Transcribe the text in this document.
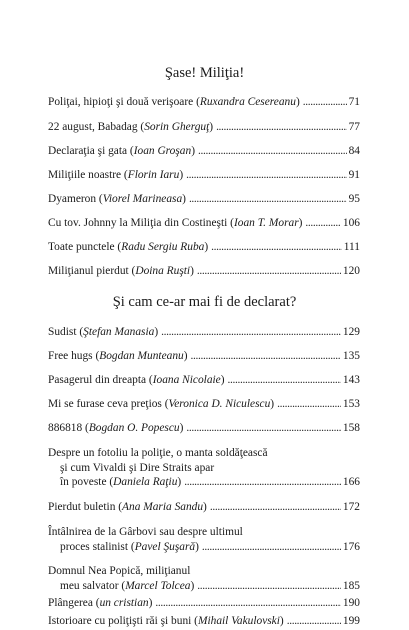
Şase! Miliţia!
Poliţai, hipioţi şi două verişoare (Ruxandra Cesereanu) . . .	71
22 august, Babadag (Sorin Gherguţ) . . .	77
Declaraţia şi gata (Ioan Groşan) . . .	84
Miliţiile noastre (Florin Iaru) . . .	91
Dyameron (Viorel Marineasa) . . .	95
Cu tov. Johnny la Miliţia din Costineşti (Ioan T. Morar) . . .	106
Toate punctele (Radu Sergiu Ruba) . . .	111
Miliţianul pierdut (Doina Ruşti) . . .	120
Şi cam ce-ar mai fi de declarat?
Sudist (Ştefan Manasia) . . .	129
Free hugs (Bogdan Munteanu) . . .	135
Pasagerul din dreapta (Ioana Nicolaie) . . .	143
Mi se furase ceva preţios (Veronica D. Niculescu) . . .	153
886818 (Bogdan O. Popescu) . . .	158
Despre un fotoliu la poliţie, o manta soldăţească
şi cum Vivaldi şi Dire Straits apar
în poveste (Daniela Raţiu) . . .	166
Pierdut buletin (Ana Maria Sandu) . . .	172
Întâlnirea de la Gârbovi sau despre ultimul
proces stalinist (Pavel Şuşară) . . .	176
Domnul Nea Popică, miliţianul
meu salvator (Marcel Tolcea) . . .	185
Plângerea (un cristian) . . .	190
Istorioare cu poliţişti răi şi buni (Mihail Vakulovski) . . .	199
